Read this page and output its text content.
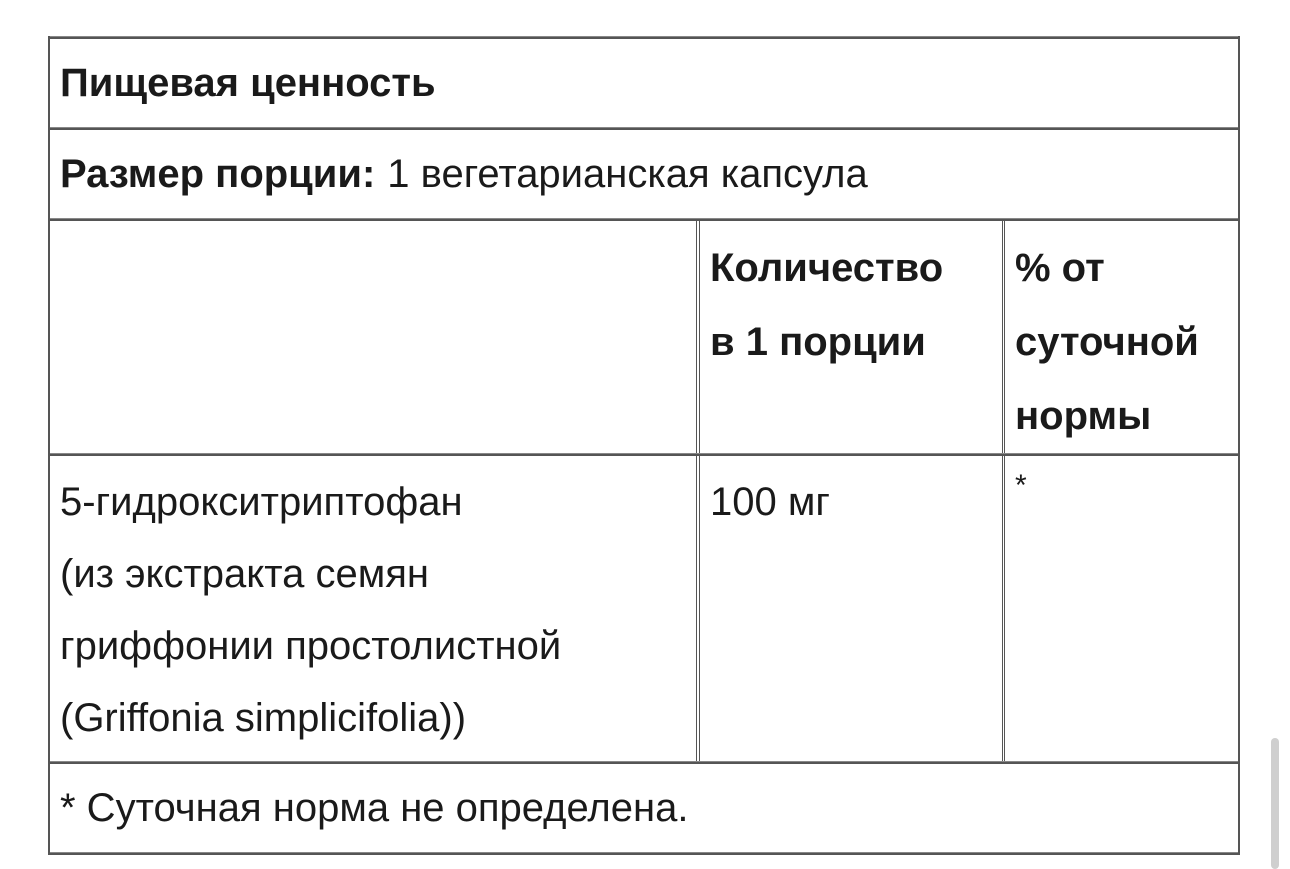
Пищевая ценность
Размер порции: 1 вегетарианская капсула
Количество
в 1 порции
% от
суточной
нормы
5-гидрокситриптофан
(из экстракта семян
гриффонии простолистной
(Griffonia simplicifolia))
100 мг	*
* Суточная норма не определена.
